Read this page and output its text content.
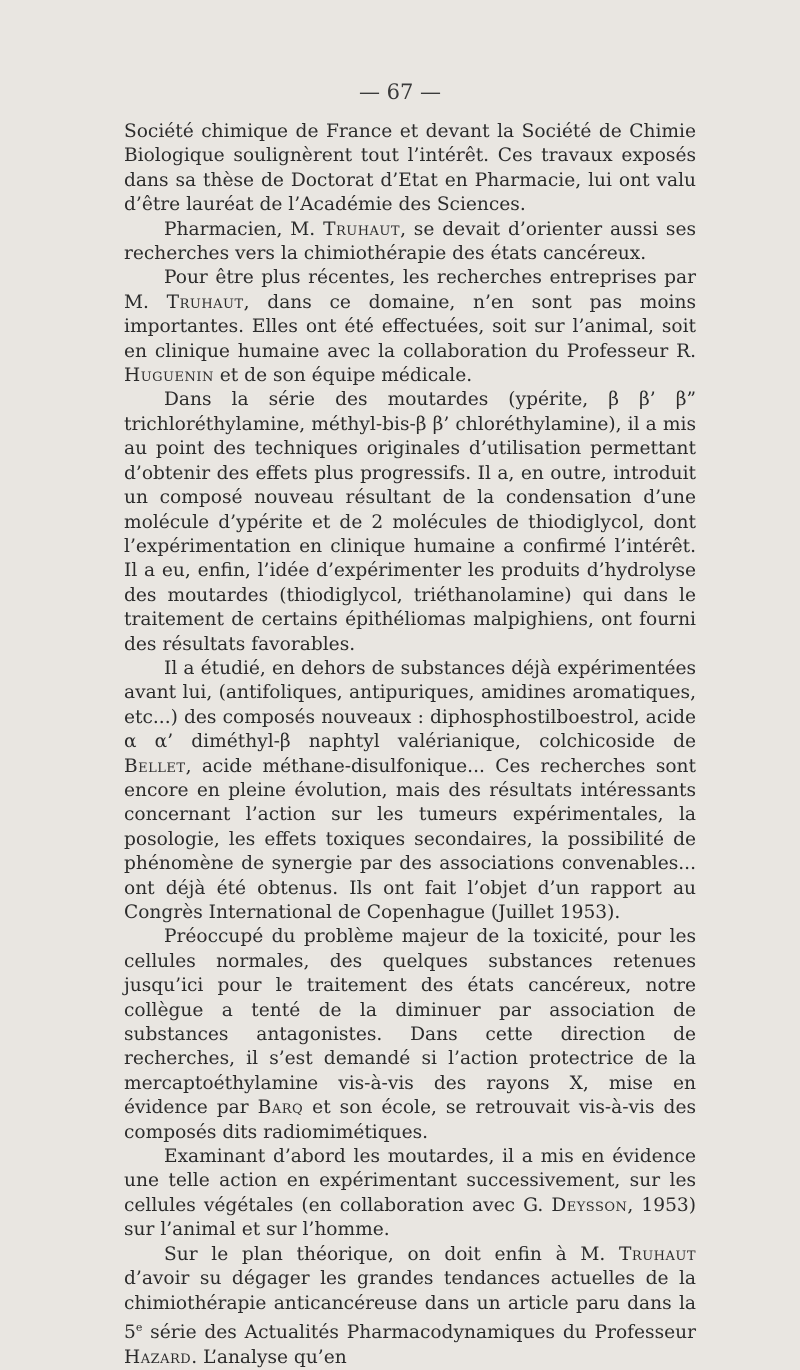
— 67 —

Société chimique de France et devant la Société de Chimie Biologique soulignèrent tout l’intérêt. Ces travaux exposés dans sa thèse de Doctorat d’Etat en Pharmacie, lui ont valu d’être lauréat de l’Académie des Sciences.

Pharmacien, M. Truhaut, se devait d’orienter aussi ses recherches vers la chimiothérapie des états cancéreux.

Pour être plus récentes, les recherches entreprises par M. Truhaut, dans ce domaine, n’en sont pas moins importantes. Elles ont été effectuées, soit sur l’animal, soit en clinique humaine avec la collaboration du Professeur R. Huguenin et de son équipe médicale.

Dans la série des moutardes (ypérite, β β’ β” trichloréthylamine, méthyl-bis-β β’ chloréthylamine), il a mis au point des techniques originales d’utilisation permettant d’obtenir des effets plus progressifs. Il a, en outre, introduit un composé nouveau résultant de la condensation d’une molécule d’ypérite et de 2 molécules de thiodiglycol, dont l’expérimentation en clinique humaine a confirmé l’intérêt. Il a eu, enfin, l’idée d’expérimenter les produits d’hydrolyse des moutardes (thiodiglycol, triéthanolamine) qui dans le traitement de certains épithéliomas malpighiens, ont fourni des résultats favorables.

Il a étudié, en dehors de substances déjà expérimentées avant lui, (antifoliques, antipuriques, amidines aromatiques, etc...) des composés nouveaux : diphosphostilboestrol, acide α α’ diméthyl-β naphtyl valérianique, colchicoside de Bellet, acide méthane-disulfonique... Ces recherches sont encore en pleine évolution, mais des résultats intéressants concernant l’action sur les tumeurs expérimentales, la posologie, les effets toxiques secondaires, la possibilité de phénomène de synergie par des associations convenables... ont déjà été obtenus. Ils ont fait l’objet d’un rapport au Congrès International de Copenhague (Juillet 1953).

Préoccupé du problème majeur de la toxicité, pour les cellules normales, des quelques substances retenues jusqu’ici pour le traitement des états cancéreux, notre collègue a tenté de la diminuer par association de substances antagonistes. Dans cette direction de recherches, il s’est demandé si l’action protectrice de la mercaptoéthylamine vis-à-vis des rayons X, mise en évidence par Barq et son école, se retrouvait vis-à-vis des composés dits radiomimétiques.

Examinant d’abord les moutardes, il a mis en évidence une telle action en expérimentant successivement, sur les cellules végétales (en collaboration avec G. Deysson, 1953) sur l’animal et sur l’homme.

Sur le plan théorique, on doit enfin à M. Truhaut d’avoir su dégager les grandes tendances actuelles de la chimiothérapie anticancéreuse dans un article paru dans la 5e série des Actualités Pharmacodynamiques du Professeur Hazard. L’analyse qu’en
